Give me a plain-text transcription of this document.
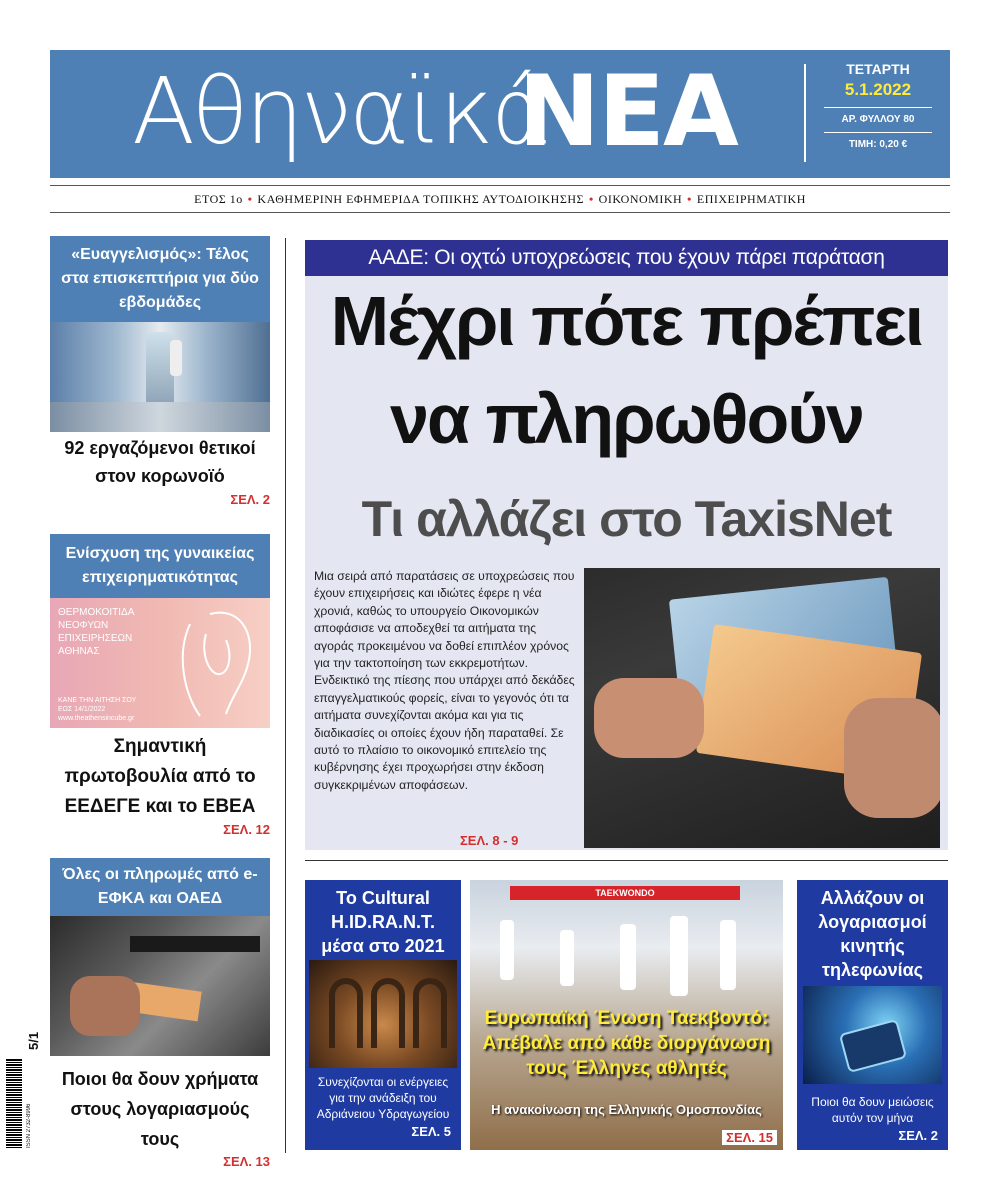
Αθηναϊκά
ΝΕΑ	ΤΕΤΑΡΤΗ
5.1.2022
ΑΡ. ΦΥΛΛΟΥ 80
ΤΙΜΗ: 0,20 €
ΕΤΟΣ 1ο • ΚΑΘΗΜΕΡΙΝΗ ΕΦΗΜΕΡΙΔΑ ΤΟΠΙΚΗΣ ΑΥΤΟΔΙΟΙΚΗΣΗΣ • ΟΙΚΟΝΟΜΙΚΗ • ΕΠΙΧΕΙΡΗΜΑΤΙΚΗ
«Ευαγγελισμός»: Τέλος στα επισκεπτήρια για δύο εβδομάδες
92 εργαζόμενοι θετικοί στον κορωνοϊό
ΣΕΛ. 2
Ενίσχυση της γυναικείας επιχειρηματικότητας
ΘΕΡΜΟΚΟΙΤΙΔΑ
ΝΕΟΦΥΩΝ
ΕΠΙΧΕΙΡΗΣΕΩΝ
ΑΘΗΝΑΣ
ΚΑΝΕ ΤΗΝ ΑΙΤΗΣΗ ΣΟΥ
ΕΩΣ 14/1/2022
www.theathensincube.gr
Σημαντική πρωτοβουλία από το ΕΕΔΕΓΕ και το ΕΒΕΑ
ΣΕΛ. 12
Όλες οι πληρωμές από e-ΕΦΚΑ και ΟΑΕΔ
Ποιοι θα δουν χρήματα στους λογαριασμούς τους
ΣΕΛ. 13
5/1
ISSN 2732-8996
ΑΑΔΕ: Οι οχτώ υποχρεώσεις που έχουν πάρει παράταση
Μέχρι πότε πρέπει
να πληρωθούν
Τι αλλάζει στο TaxisNet
Μια σειρά από παρατάσεις σε υποχρεώσεις που έχουν επιχειρήσεις και ιδιώτες έφερε η νέα χρονιά, καθώς το υπουργείο Οικονομικών αποφάσισε να αποδεχθεί τα αιτήματα της αγοράς προκειμένου να δοθεί επιπλέον χρόνος για την τακτοποίηση των εκκρεμοτήτων. Ενδεικτικό της πίεσης που υπάρχει από δεκάδες επαγγελματικούς φορείς, είναι το γεγονός ότι τα αιτήματα συνεχίζονται ακόμα και για τις διαδικασίες οι οποίες έχουν ήδη παραταθεί. Σε αυτό το πλαίσιο το οικονομικό επιτελείο της κυβέρνησης έχει προχωρήσει στην έκδοση συγκεκριμένων αποφάσεων.
ΣΕΛ. 8 - 9
Το Cultural H.ID.RA.N.T. μέσα στο 2021
Συνεχίζονται οι ενέργειες για την ανάδειξη του Αδριάνειου Υδραγωγείου
ΣΕΛ. 5
TAEKWONDO
Ευρωπαϊκή Ένωση Ταεκβοντό:
Απέβαλε από κάθε διοργάνωση
τους Έλληνες αθλητές
Η ανακοίνωση της Ελληνικής Ομοσπονδίας
ΣΕΛ. 15
Αλλάζουν οι λογαριασμοί κινητής τηλεφωνίας
Ποιοι θα δουν μειώσεις αυτόν τον μήνα
ΣΕΛ. 2
